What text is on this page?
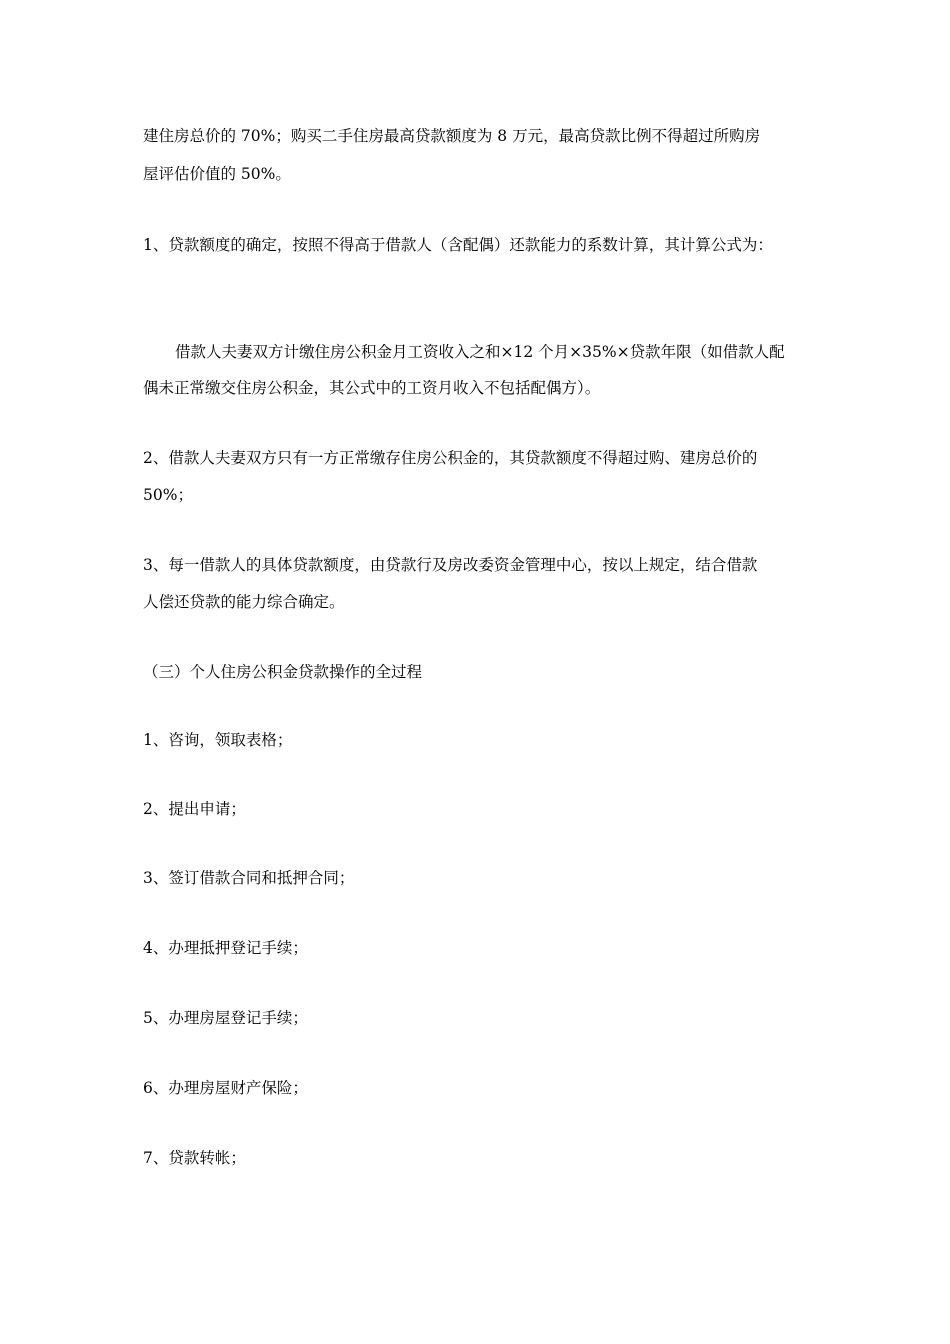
建住房总价的 70%；购买二手住房最高贷款额度为 8 万元，最高贷款比例不得超过所购房

屋评估价值的 50%。

1、贷款额度的确定，按照不得高于借款人（含配偶）还款能力的系数计算，其计算公式为：

借款人夫妻双方计缴住房公积金月工资收入之和×12 个月×35%×贷款年限（如借款人配

偶未正常缴交住房公积金，其公式中的工资月收入不包括配偶方）。

2、借款人夫妻双方只有一方正常缴存住房公积金的，其贷款额度不得超过购、建房总价的

50%；

3、每一借款人的具体贷款额度，由贷款行及房改委资金管理中心，按以上规定，结合借款

人偿还贷款的能力综合确定。

（三）个人住房公积金贷款操作的全过程

1、咨询，领取表格；

2、提出申请；

3、签订借款合同和抵押合同；

4、办理抵押登记手续；

5、办理房屋登记手续；

6、办理房屋财产保险；

7、贷款转帐；
